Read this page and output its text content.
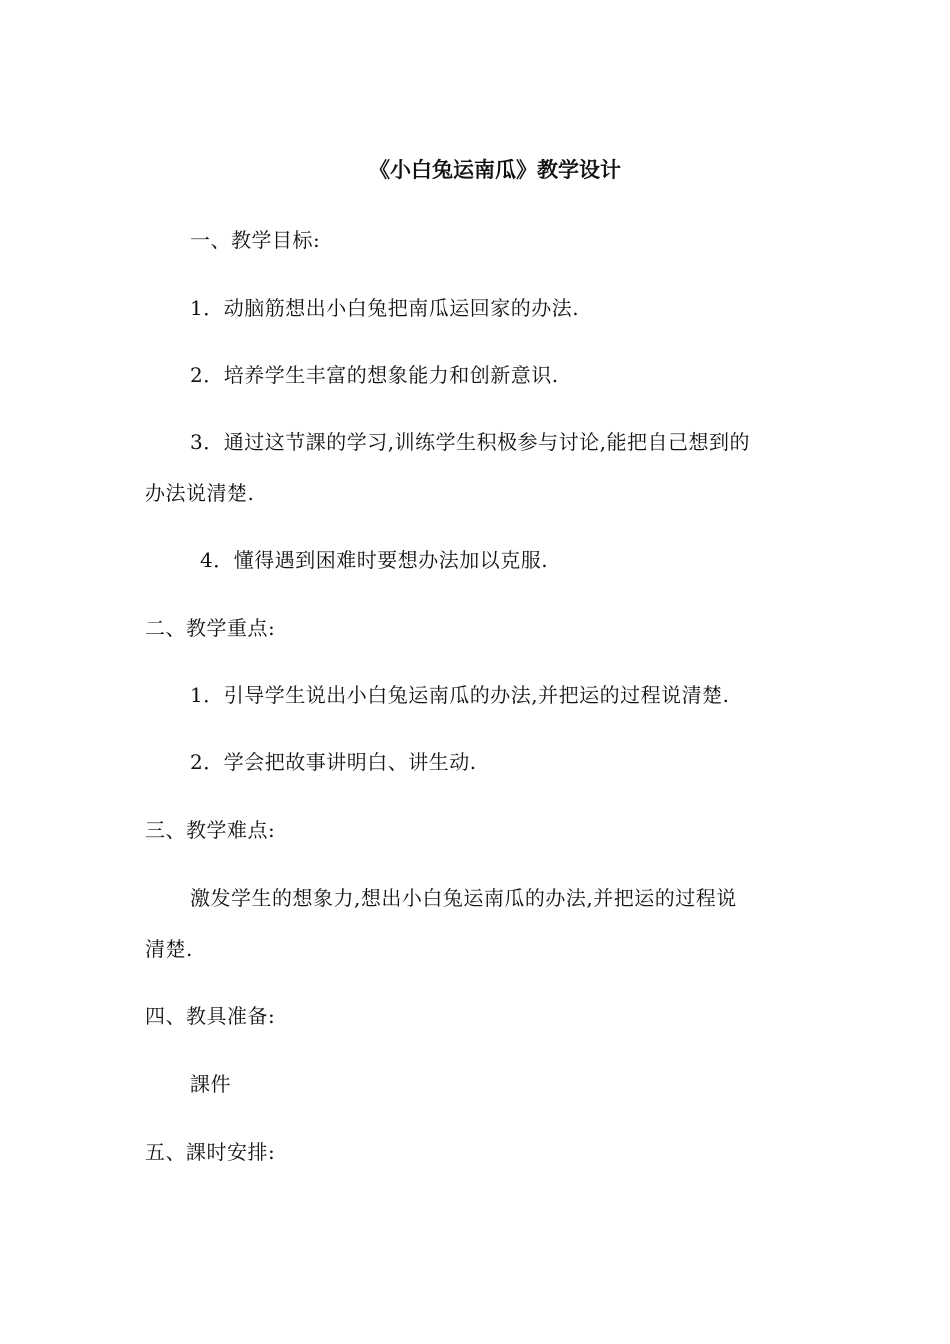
《小白兔运南瓜》教学设计
一、教学目标:
1．动脑筋想出小白兔把南瓜运回家的办法.
2．培养学生丰富的想象能力和创新意识.
3．通过这节課的学习,训练学生积极参与讨论,能把自己想到的
办法说清楚.
4．懂得遇到困难时要想办法加以克服.
二、教学重点:
1．引导学生说出小白兔运南瓜的办法,并把运的过程说清楚.
2．学会把故事讲明白、讲生动.
三、教学难点:
激发学生的想象力,想出小白兔运南瓜的办法,并把运的过程说
清楚.
四、教具准备:
課件
五、課时安排:
